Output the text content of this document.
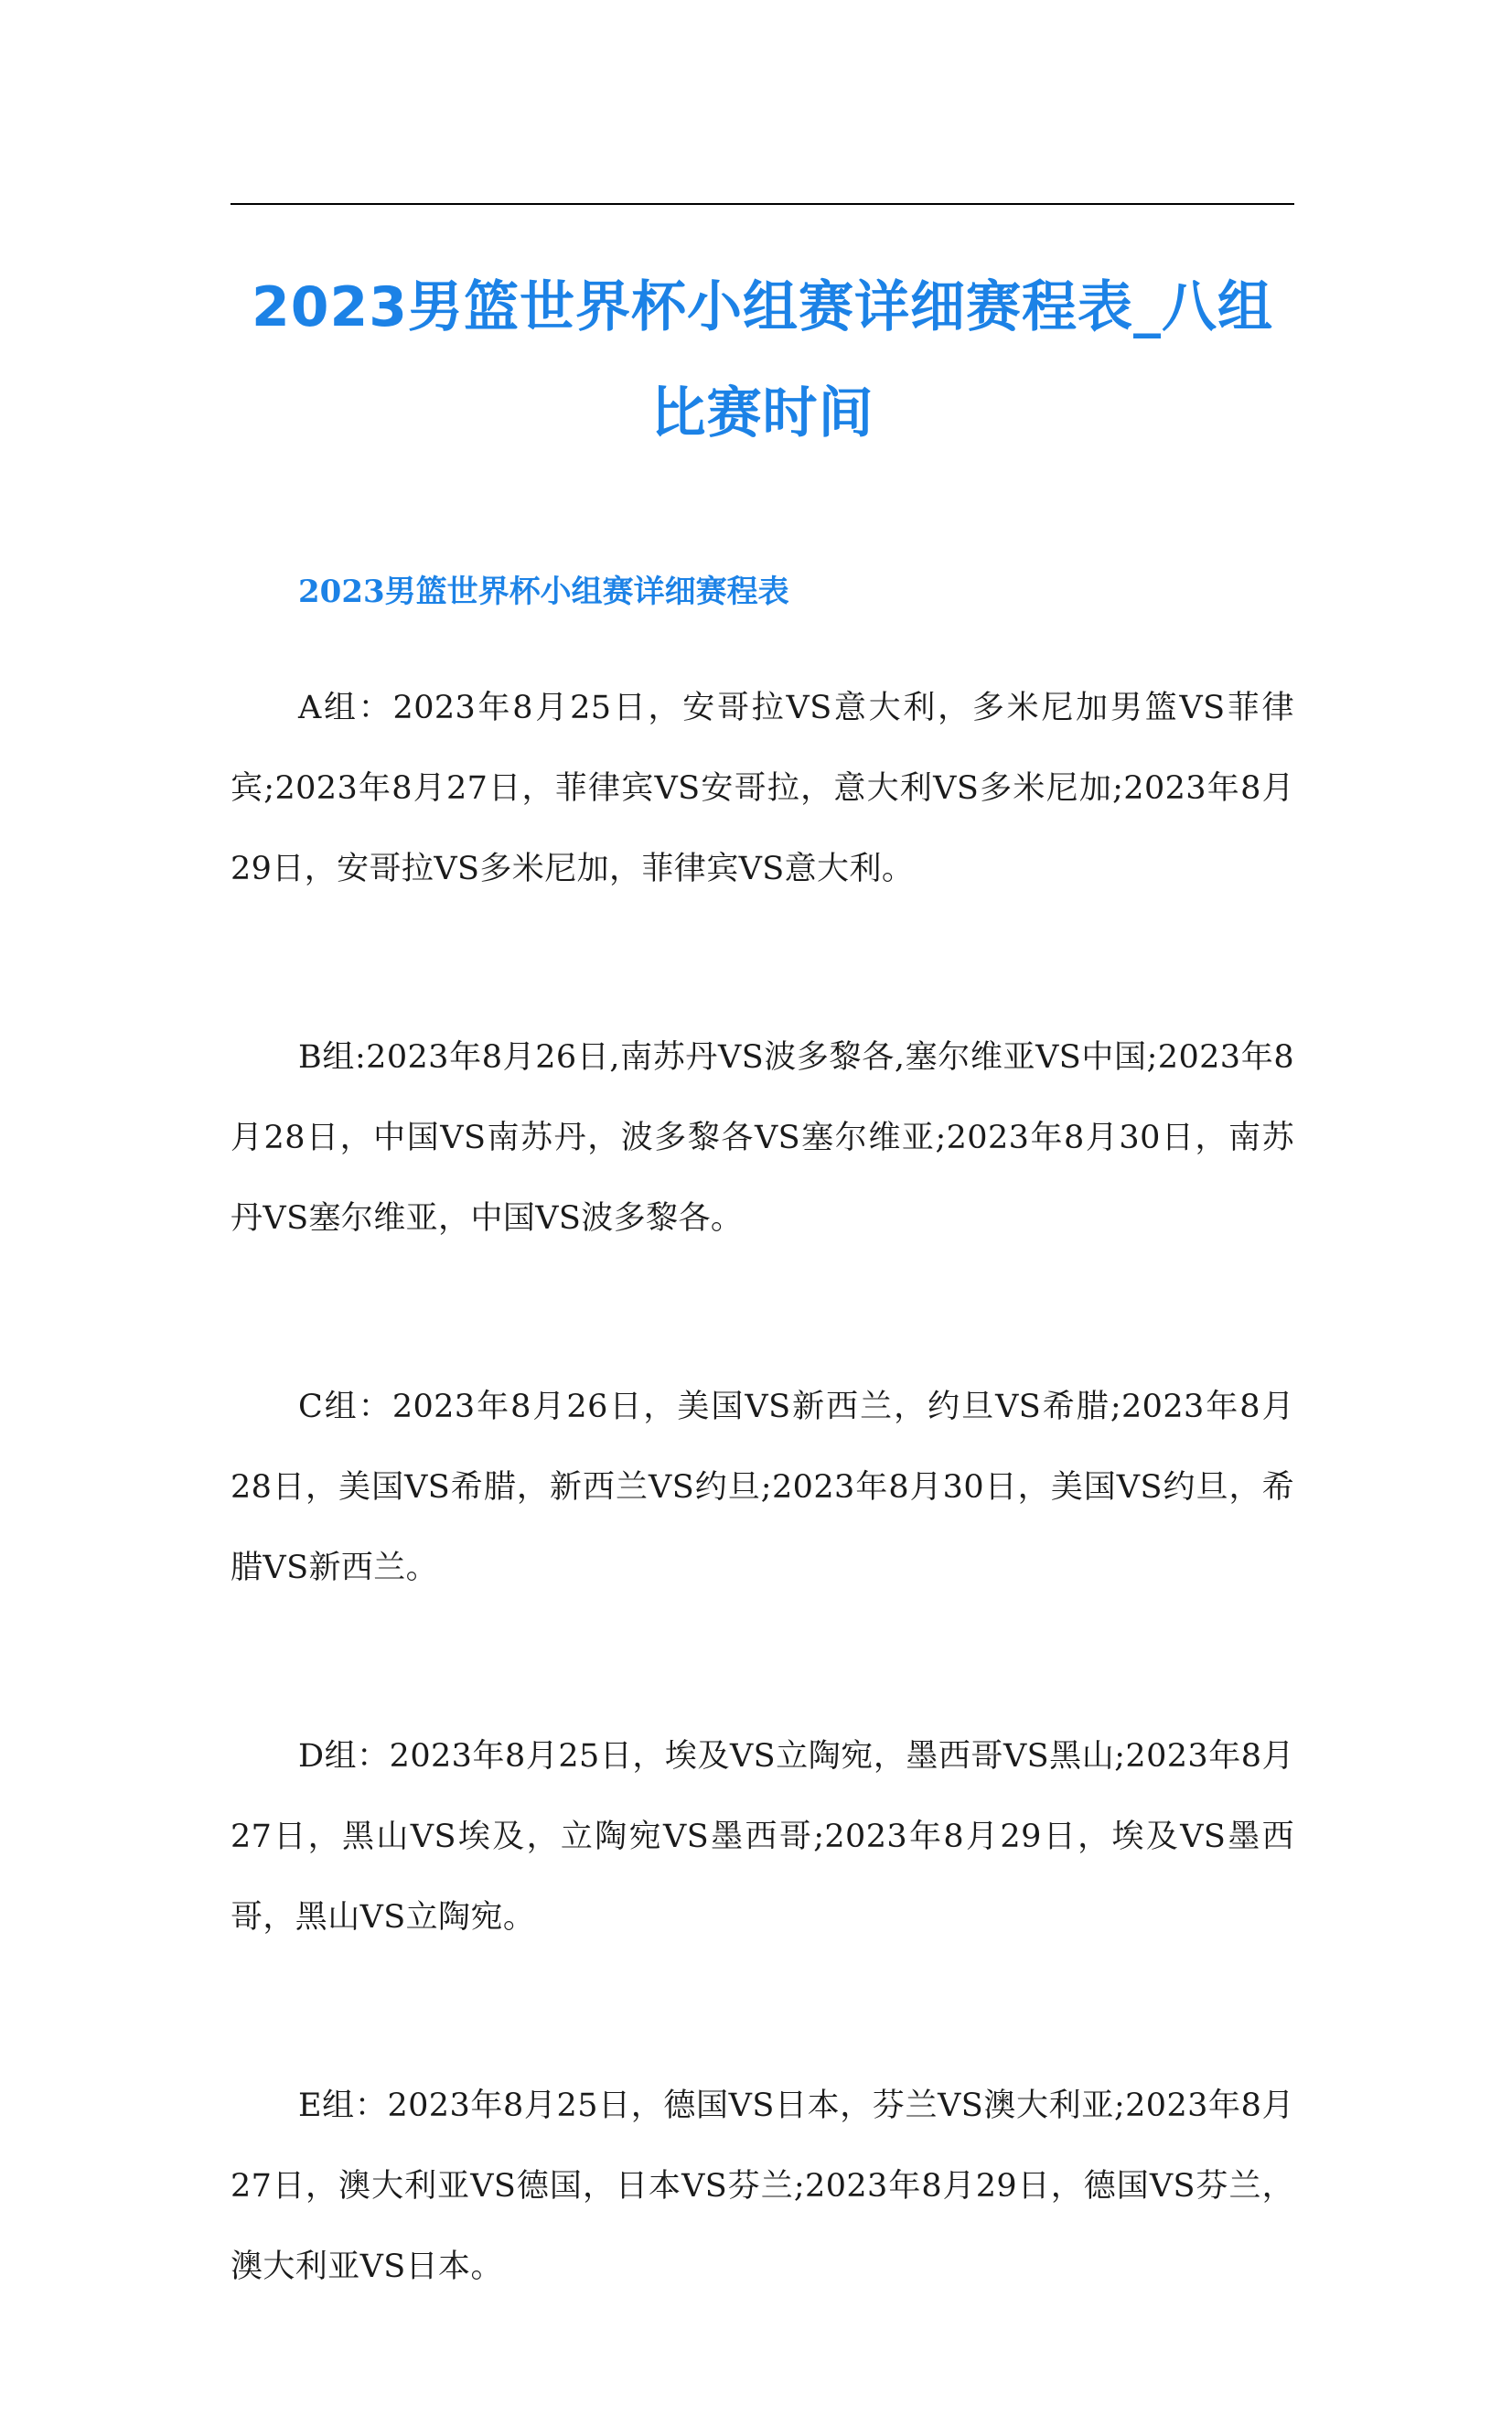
2023男篮世界杯小组赛详细赛程表_八组比赛时间
2023男篮世界杯小组赛详细赛程表

A组：2023年8月25日，安哥拉VS意大利，多米尼加男篮VS菲律宾;2023年8月27日，菲律宾VS安哥拉，意大利VS多米尼加;2023年8月29日，安哥拉VS多米尼加，菲律宾VS意大利。

B组:2023年8月26日,南苏丹VS波多黎各,塞尔维亚VS中国;2023年8月28日，中国VS南苏丹，波多黎各VS塞尔维亚;2023年8月30日，南苏丹VS塞尔维亚，中国VS波多黎各。

C组：2023年8月26日，美国VS新西兰，约旦VS希腊;2023年8月28日，美国VS希腊，新西兰VS约旦;2023年8月30日，美国VS约旦，希腊VS新西兰。

D组：2023年8月25日，埃及VS立陶宛，墨西哥VS黑山;2023年8月27日，黑山VS埃及，立陶宛VS墨西哥;2023年8月29日，埃及VS墨西哥，黑山VS立陶宛。

E组：2023年8月25日，德国VS日本，芬兰VS澳大利亚;2023年8月27日，澳大利亚VS德国，日本VS芬兰;2023年8月29日，德国VS芬兰，澳大利亚VS日本。
